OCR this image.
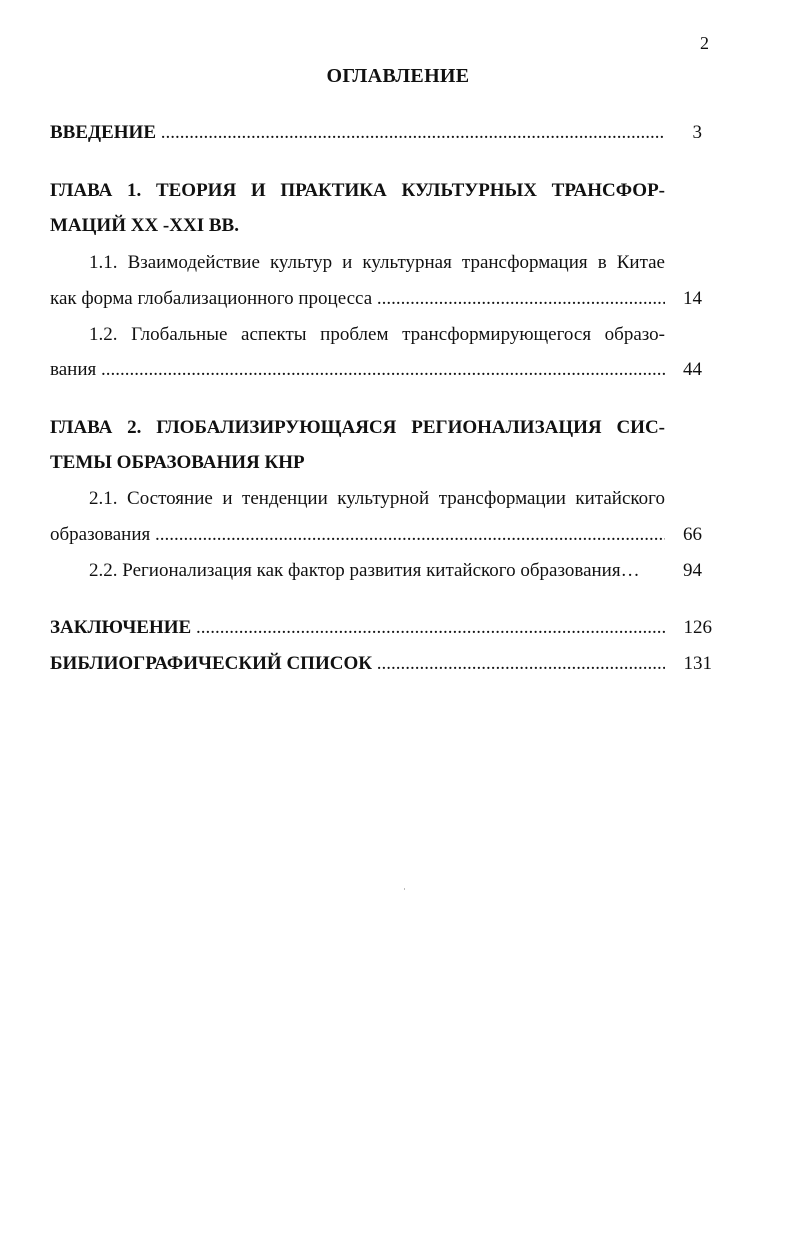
2
ОГЛАВЛЕНИЕ
ВВЕДЕНИЕ .....	3
ГЛАВА 1. ТЕОРИЯ И ПРАКТИКА КУЛЬТУРНЫХ ТРАНСФОР-
МАЦИЙ ХХ -XXI ВВ.
1.1. Взаимодействие культур и культурная трансформация в Китае
как форма глобализационного процесса .....	14
1.2. Глобальные аспекты проблем трансформирующегося образо-
вания .....	44
ГЛАВА 2. ГЛОБАЛИЗИРУЮЩАЯСЯ РЕГИОНАЛИЗАЦИЯ СИС-
ТЕМЫ ОБРАЗОВАНИЯ КНР
2.1. Состояние и тенденции культурной трансформации китайского
образования .....	66
2.2. Регионализация как фактор развития китайского образования…	94
ЗАКЛЮЧЕНИЕ .....	126
БИБЛИОГРАФИЧЕСКИЙ СПИСОК .....	131
